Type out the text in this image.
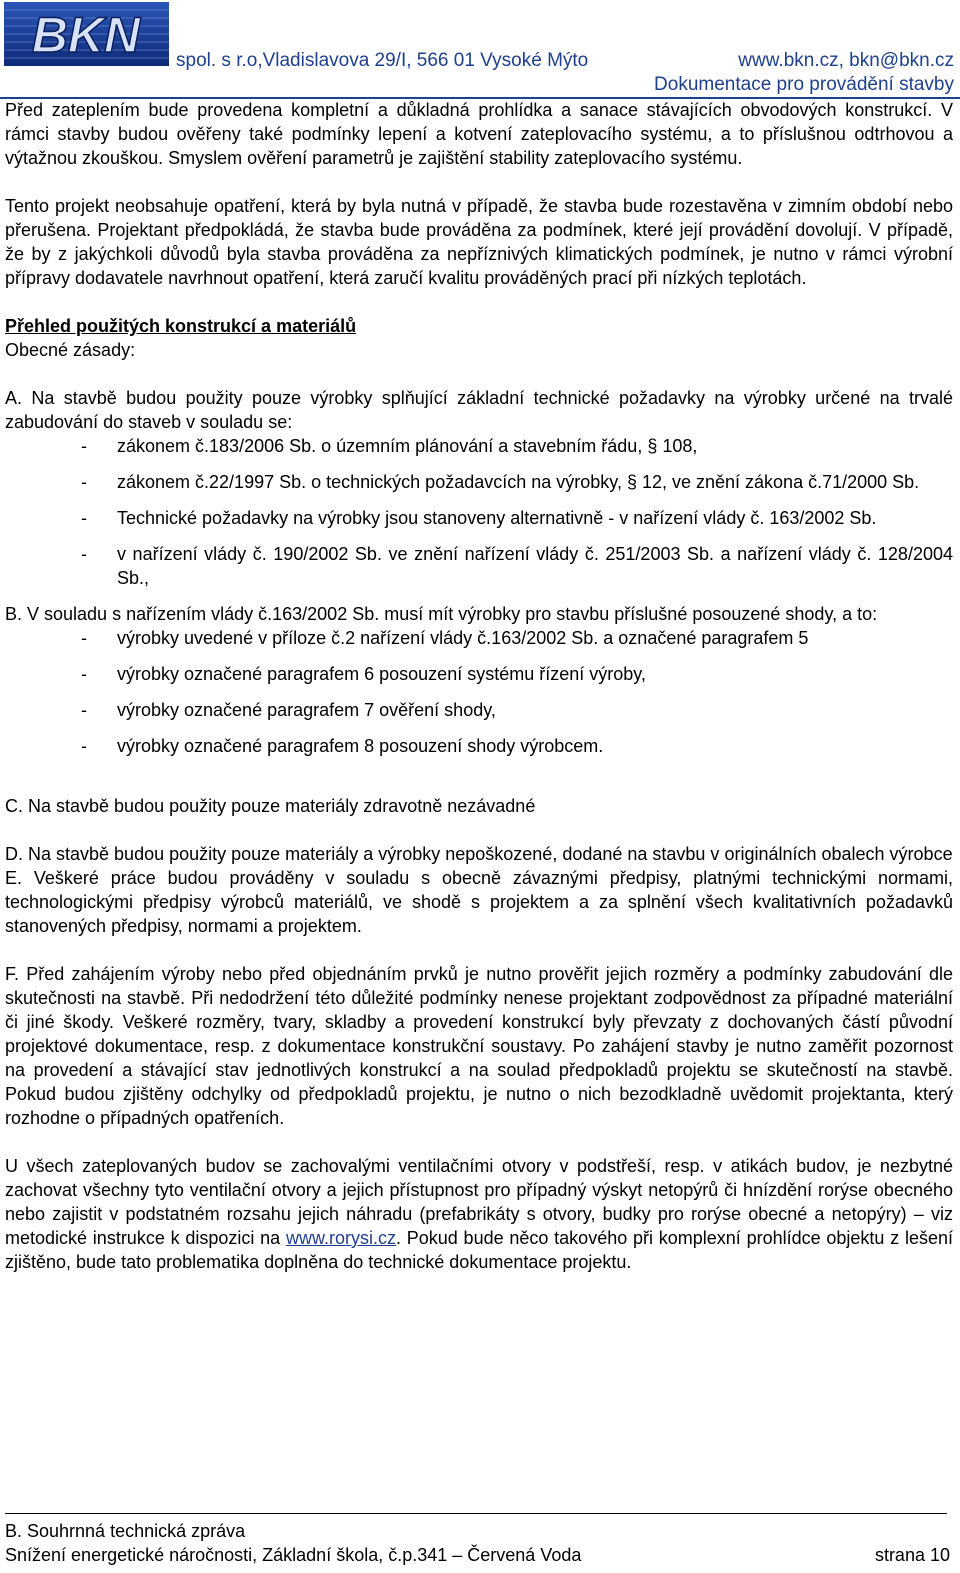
BKN spol. s r.o,Vladislavova 29/I, 566 01 Vysoké Mýto	www.bkn.cz, bkn@bkn.cz
Dokumentace pro provádění stavby

Před zateplením bude provedena kompletní a důkladná prohlídka a sanace stávajících obvodových konstrukcí. V rámci stavby budou ověřeny také podmínky lepení a kotvení zateplovacího systému, a to příslušnou odtrhovou a výtažnou zkouškou. Smyslem ověření parametrů je zajištění stability zateplovacího systému.

Tento projekt neobsahuje opatření, která by byla nutná v případě, že stavba bude rozestavěna v zimním období nebo přerušena. Projektant předpokládá, že stavba bude prováděna za podmínek, které její provádění dovolují. V případě, že by z jakýchkoli důvodů byla stavba prováděna za nepříznivých klimatických podmínek, je nutno v rámci výrobní přípravy dodavatele navrhnout opatření, která zaručí kvalitu prováděných prací při nízkých teplotách.

Přehled použitých konstrukcí a materiálů

Obecné zásady:

A. Na stavbě budou použity pouze výrobky splňující základní technické požadavky na výrobky určené na trvalé zabudování do staveb v souladu se:

-	zákonem č.183/2006 Sb. o územním plánování a stavebním řádu, § 108,
-	zákonem č.22/1997 Sb. o technických požadavcích na výrobky, § 12, ve znění zákona č.71/2000 Sb.
-	Technické požadavky na výrobky jsou stanoveny alternativně - v nařízení vlády č. 163/2002 Sb.
-	v nařízení vlády č. 190/2002 Sb. ve znění nařízení vlády č. 251/2003 Sb. a nařízení vlády č. 128/2004 Sb.,

B. V souladu s nařízením vlády č.163/2002 Sb. musí mít výrobky pro stavbu příslušné posouzené shody, a to:

-	výrobky uvedené v příloze č.2 nařízení vlády č.163/2002 Sb. a označené paragrafem 5
-	výrobky označené paragrafem 6 posouzení systému řízení výroby,
-	výrobky označené paragrafem 7 ověření shody,
-	výrobky označené paragrafem 8 posouzení shody výrobcem.

C. Na stavbě budou použity pouze materiály zdravotně nezávadné

D. Na stavbě budou použity pouze materiály a výrobky nepoškozené, dodané na stavbu v originálních obalech výrobce

E. Veškeré práce budou prováděny v souladu s obecně závaznými předpisy, platnými technickými normami, technologickými předpisy výrobců materiálů, ve shodě s projektem a za splnění všech kvalitativních požadavků stanovených předpisy, normami a projektem.

F. Před zahájením výroby nebo před objednáním prvků je nutno prověřit jejich rozměry a podmínky zabudování dle skutečnosti na stavbě. Při nedodržení této důležité podmínky nenese projektant zodpovědnost za případné materiální či jiné škody. Veškeré rozměry, tvary, skladby a provedení konstrukcí byly převzaty z dochovaných částí původní projektové dokumentace, resp. z dokumentace konstrukční soustavy. Po zahájení stavby je nutno zaměřit pozornost na provedení a stávající stav jednotlivých konstrukcí a na soulad předpokladů projektu se skutečností na stavbě. Pokud budou zjištěny odchylky od předpokladů projektu, je nutno o nich bezodkladně uvědomit projektanta, který rozhodne o případných opatřeních.

U všech zateplovaných budov se zachovalými ventilačními otvory v podstřeší, resp. v atikách budov, je nezbytné zachovat všechny tyto ventilační otvory a jejich přístupnost pro případný výskyt netopýrů či hnízdění rorýse obecného nebo zajistit v podstatném rozsahu jejich náhradu (prefabrikáty s otvory, budky pro rorýse obecné a netopýry) – viz metodické instrukce k dispozici na www.rorysi.cz. Pokud bude něco takového při komplexní prohlídce objektu z lešení zjištěno, bude tato problematika doplněna do technické dokumentace projektu.

B. Souhrnná technická zpráva
Snížení energetické náročnosti, Základní škola, č.p.341 – Červená Voda	strana 10
